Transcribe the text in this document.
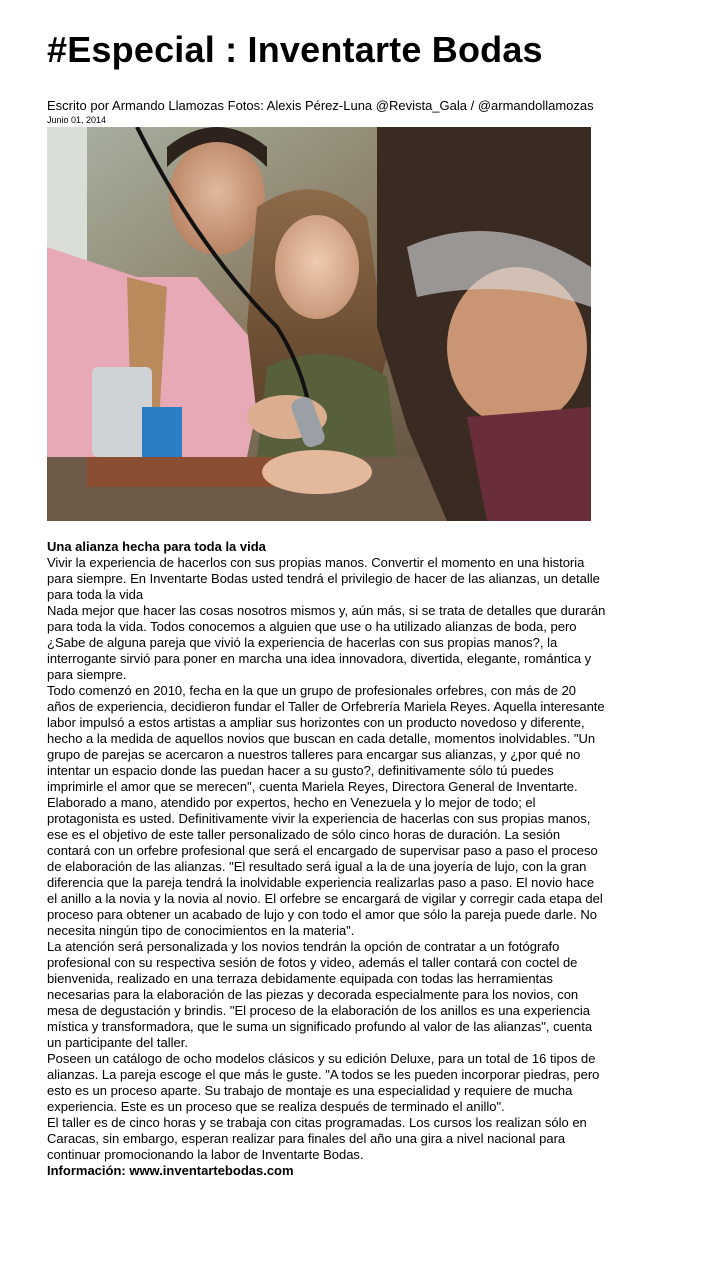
#Especial : Inventarte Bodas
Escrito por Armando Llamozas Fotos: Alexis Pérez-Luna @Revista_Gala / @armandollamozas
Junio 01, 2014

Una alianza hecha para toda la vida

Vivir la experiencia de hacerlos con sus propias manos. Convertir el momento en una historia para siempre. En Inventarte Bodas usted tendrá el privilegio de hacer de las alianzas, un detalle para toda la vida

Nada mejor que hacer las cosas nosotros mismos y, aún más, si se trata de detalles que durarán para toda la vida. Todos conocemos a alguien que use o ha utilizado alianzas de boda, pero ¿Sabe de alguna pareja que vivió la experiencia de hacerlas con sus propias manos?, la interrogante sirvió para poner en marcha una idea innovadora, divertida, elegante, romántica y para siempre.

Todo comenzó en 2010, fecha en la que un grupo de profesionales orfebres, con más de 20 años de experiencia, decidieron fundar el Taller de Orfebrería Mariela Reyes. Aquella interesante labor impulsó a estos artistas a ampliar sus horizontes con un producto novedoso y diferente, hecho a la medida de aquellos novios que buscan en cada detalle, momentos inolvidables. "Un grupo de parejas se acercaron a nuestros talleres para encargar sus alianzas, y ¿por qué no intentar un espacio donde las puedan hacer a su gusto?, definitivamente sólo tú puedes imprimirle el amor que se merecen", cuenta Mariela Reyes, Directora General de Inventarte.

Elaborado a mano, atendido por expertos, hecho en Venezuela y lo mejor de todo; el protagonista es usted. Definitivamente vivir la experiencia de hacerlas con sus propias manos, ese es el objetivo de este taller personalizado de sólo cinco horas de duración. La sesión contará con un orfebre profesional que será el encargado de supervisar paso a paso el proceso de elaboración de las alianzas. "El resultado será igual a la de una joyería de lujo, con la gran diferencia que la pareja tendrá la inolvidable experiencia realizarlas paso a paso. El novio hace el anillo a la novia y la novia al novio. El orfebre se encargará de vigilar y corregir cada etapa del proceso para obtener un acabado de lujo y con todo el amor que sólo la pareja puede darle. No necesita ningún tipo de conocimientos en la materia".

La atención será personalizada y los novios tendrán la opción de contratar a un fotógrafo profesional con su respectiva sesión de fotos y video, además el taller contará con coctel de bienvenida, realizado en una terraza debidamente equipada con todas las herramientas necesarias para la elaboración de las piezas y decorada especialmente para los novios, con mesa de degustación y brindis. "El proceso de la elaboración de los anillos es una experiencia mística y transformadora, que le suma un significado profundo al valor de las alianzas", cuenta un participante del taller.

Poseen un catálogo de ocho modelos clásicos y su edición Deluxe, para un total de 16 tipos de alianzas. La pareja escoge el que más le guste. "A todos se les pueden incorporar piedras, pero esto es un proceso aparte. Su trabajo de montaje es una especialidad y requiere de mucha experiencia. Este es un proceso que se realiza después de terminado el anillo".

El taller es de cinco horas y se trabaja con citas programadas. Los cursos los realizan sólo en Caracas, sin embargo, esperan realizar para finales del año una gira a nivel nacional para continuar promocionando la labor de Inventarte Bodas.

Información: www.inventartebodas.com
